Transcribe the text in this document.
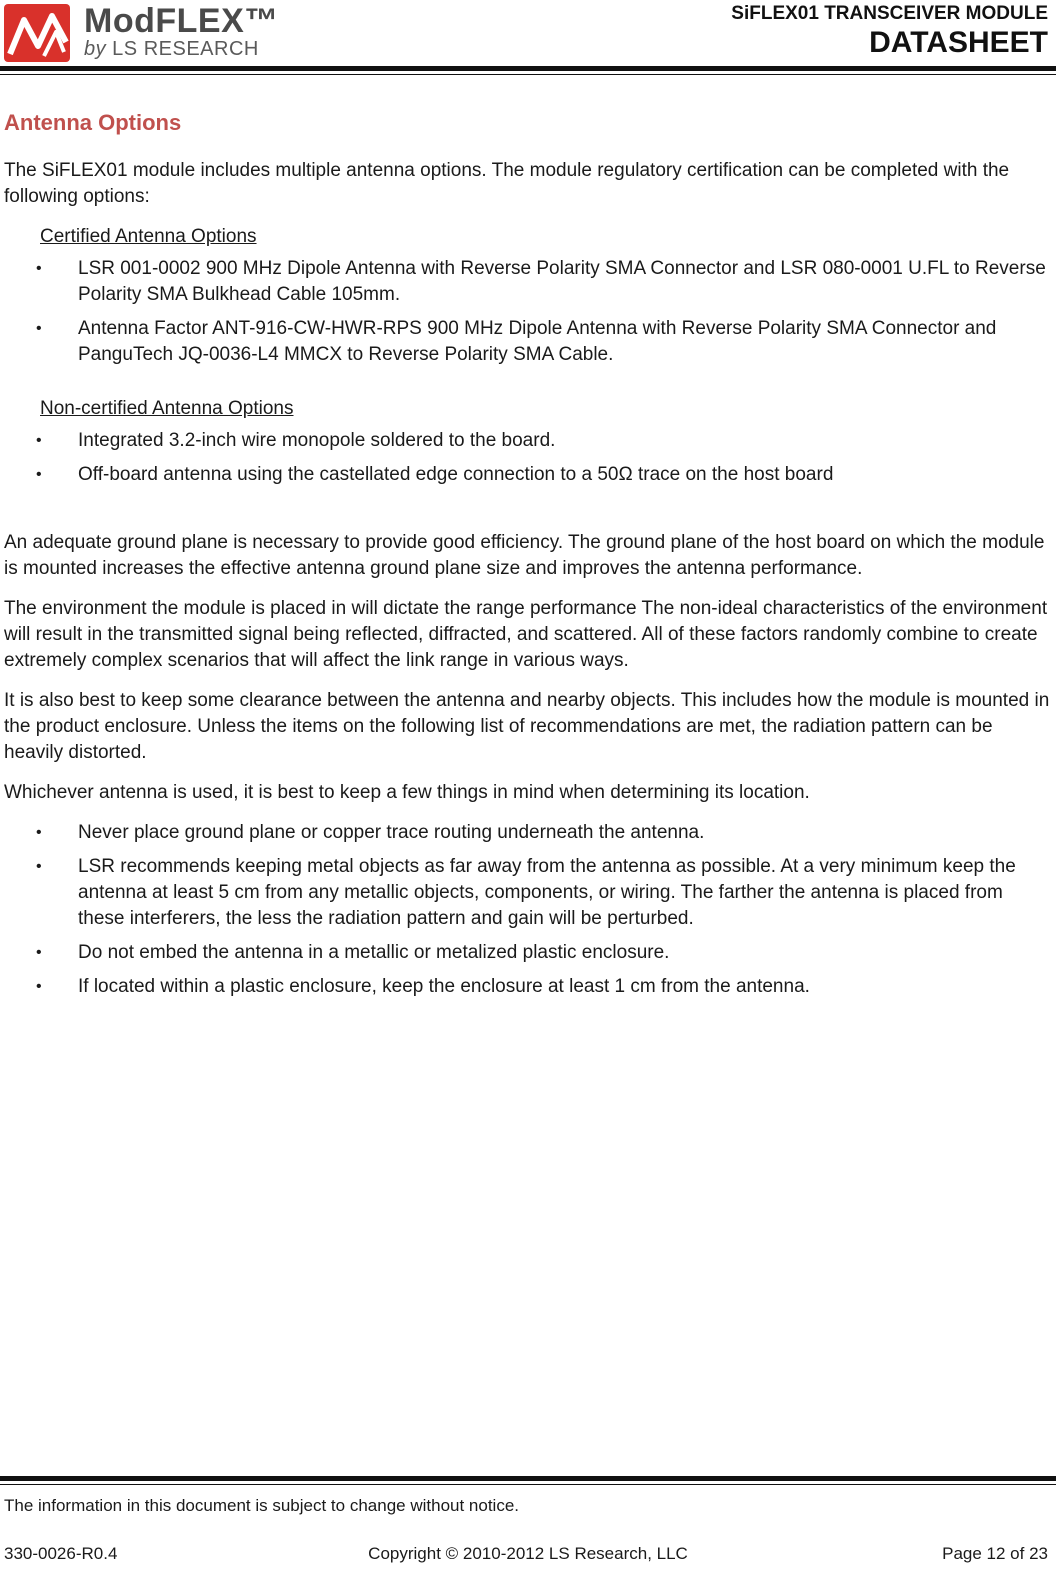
ModFLEX™
by LS RESEARCH
SiFLEX01 TRANSCEIVER MODULE
DATASHEET
Antenna Options

The SiFLEX01 module includes multiple antenna options. The module regulatory certification can be completed with the following options:

Certified Antenna Options
• LSR 001-0002 900 MHz Dipole Antenna with Reverse Polarity SMA Connector and LSR 080-0001 U.FL to Reverse Polarity SMA Bulkhead Cable 105mm.
• Antenna Factor ANT-916-CW-HWR-RPS 900 MHz Dipole Antenna with Reverse Polarity SMA Connector and PanguTech JQ-0036-L4 MMCX to Reverse Polarity SMA Cable.
Non-certified Antenna Options
• Integrated 3.2-inch wire monopole soldered to the board.
• Off-board antenna using the castellated edge connection to a 50Ω trace on the host board

An adequate ground plane is necessary to provide good efficiency. The ground plane of the host board on which the module is mounted increases the effective antenna ground plane size and improves the antenna performance.

The environment the module is placed in will dictate the range performance The non-ideal characteristics of the environment will result in the transmitted signal being reflected, diffracted, and scattered. All of these factors randomly combine to create extremely complex scenarios that will affect the link range in various ways.

It is also best to keep some clearance between the antenna and nearby objects. This includes how the module is mounted in the product enclosure. Unless the items on the following list of recommendations are met, the radiation pattern can be heavily distorted.

Whichever antenna is used, it is best to keep a few things in mind when determining its location.

• Never place ground plane or copper trace routing underneath the antenna.
• LSR recommends keeping metal objects as far away from the antenna as possible. At a very minimum keep the antenna at least 5 cm from any metallic objects, components, or wiring. The farther the antenna is placed from these interferers, the less the radiation pattern and gain will be perturbed.
• Do not embed the antenna in a metallic or metalized plastic enclosure.
• If located within a plastic enclosure, keep the enclosure at least 1 cm from the antenna.
The information in this document is subject to change without notice.
Copyright © 2010-2012 LS Research, LLC
330-0026-R0.4	Page 12 of 23
